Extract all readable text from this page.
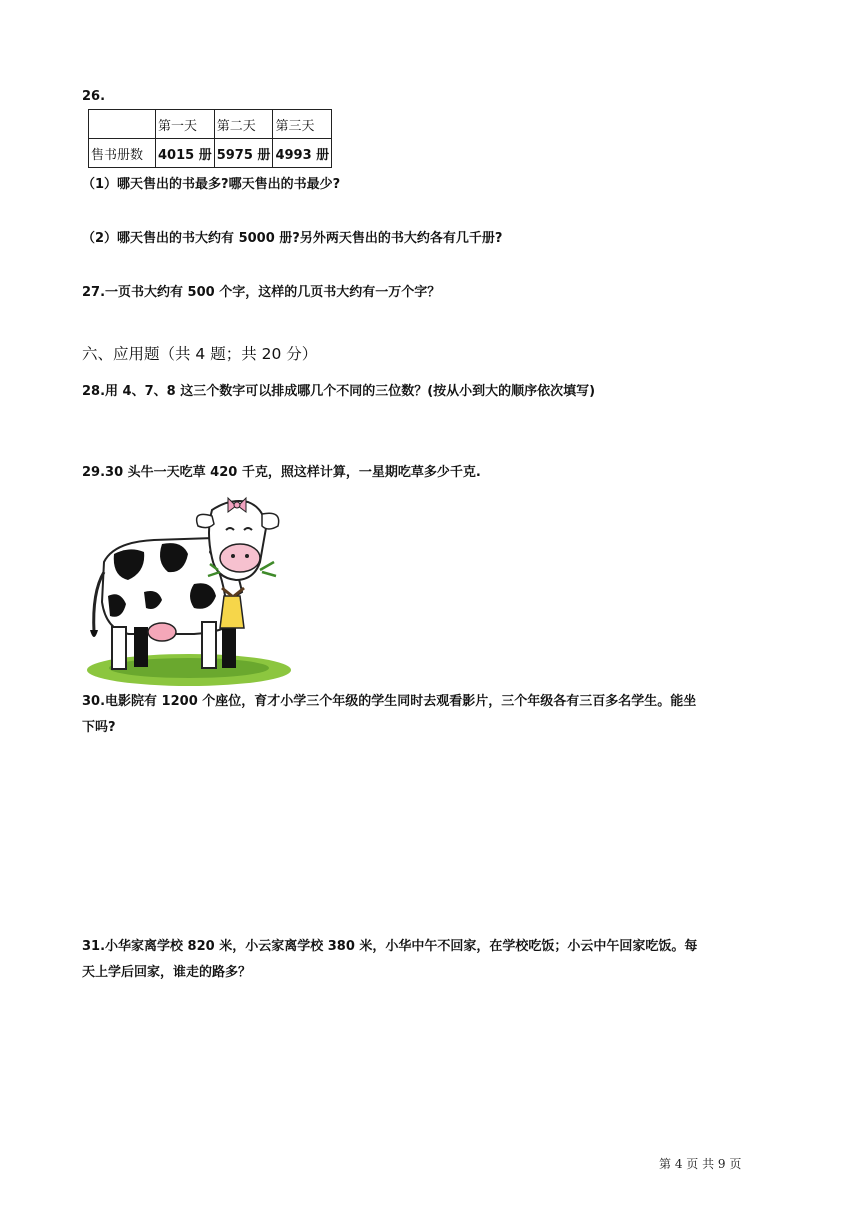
26.
	第一天	第二天	第三天
售书册数	4015 册	5975 册	4993 册
（1）哪天售出的书最多?哪天售出的书最少?
（2）哪天售出的书大约有 5000 册?另外两天售出的书大约各有几千册?
27.一页书大约有 500 个字，这样的几页书大约有一万个字？
六、应用题（共 4 题；共 20 分）
28.用 4、7、8 这三个数字可以排成哪几个不同的三位数？(按从小到大的顺序依次填写)
29.30 头牛一天吃草 420 千克，照这样计算，一星期吃草多少千克.
30.电影院有 1200 个座位，育才小学三个年级的学生同时去观看影片，三个年级各有三百多名学生。能坐
下吗?
31.小华家离学校 820 米，小云家离学校 380 米，小华中午不回家，在学校吃饭；小云中午回家吃饭。每
天上学后回家，谁走的路多？
第 4 页 共 9 页
